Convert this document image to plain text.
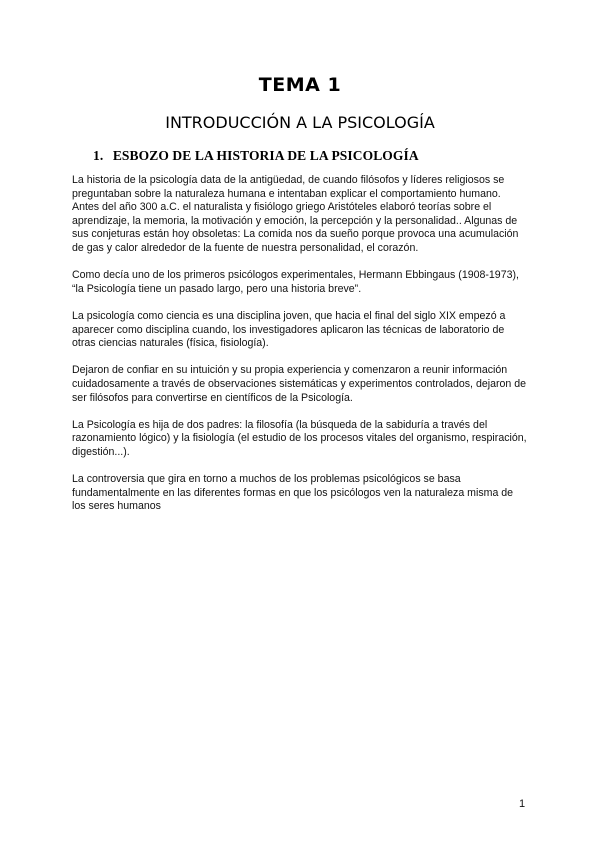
TEMA 1
INTRODUCCIÓN A LA PSICOLOGÍA
1. ESBOZO DE LA HISTORIA DE LA PSICOLOGÍA

La historia de la psicología data de la antigüedad, de cuando filósofos y líderes religiosos se preguntaban sobre la naturaleza humana e intentaban explicar el comportamiento humano. Antes del año 300 a.C. el naturalista y fisiólogo griego Aristóteles elaboró teorías sobre el aprendizaje, la memoria, la motivación y emoción, la percepción y la personalidad.. Algunas de sus conjeturas están hoy obsoletas: La comida nos da sueño porque provoca una acumulación de gas y calor alrededor de la fuente de nuestra personalidad, el corazón.

Como decía uno de los primeros psicólogos experimentales, Hermann Ebbingaus (1908-1973), “la Psicología tiene un pasado largo, pero una historia breve”.

La psicología como ciencia es una disciplina joven, que hacia el final del siglo XIX empezó a aparecer como disciplina cuando, los investigadores aplicaron las técnicas de laboratorio de otras ciencias naturales (física, fisiología).

Dejaron de confiar en su intuición y su propia experiencia y comenzaron a reunir información cuidadosamente a través de observaciones sistemáticas y experimentos controlados, dejaron de ser filósofos para convertirse en científicos de la Psicología.

La Psicología es hija de dos padres: la filosofía (la búsqueda de la sabiduría a través del razonamiento lógico) y la fisiología (el estudio de los procesos vitales del organismo, respiración, digestión...).

La controversia que gira en torno a muchos de los problemas psicológicos se basa fundamentalmente en las diferentes formas en que los psicólogos ven la naturaleza misma de los seres humanos

1
